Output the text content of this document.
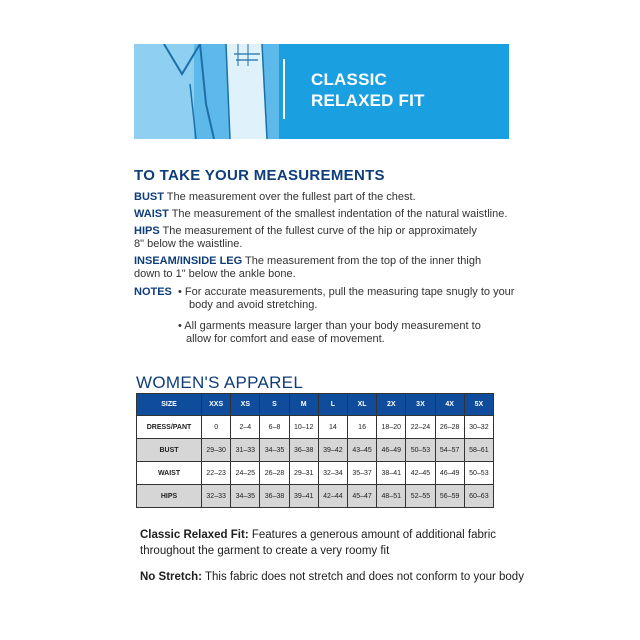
CLASSIC
RELAXED FIT
TO TAKE YOUR MEASUREMENTS
BUST The measurement over the fullest part of the chest.
WAIST The measurement of the smallest indentation of the natural waistline.
HIPS The measurement of the fullest curve of the hip or approximately
8" below the waistline.
INSEAM/INSIDE LEG The measurement from the top of the inner thigh
down to 1" below the ankle bone.
NOTES • For accurate measurements, pull the measuring tape snugly to your
body and avoid stretching.
• All garments measure larger than your body measurement to
allow for comfort and ease of movement.
WOMEN'S APPAREL
SIZE	XXS	XS	S	M	L	XL	2X	3X	4X	5X
DRESS/PANT	0	2–4	6–8	10–12	14	16	18–20	22–24	26–28	30–32
BUST	29–30	31–33	34–35	36–38	39–42	43–45	46–49	50–53	54–57	58–61
WAIST	22–23	24–25	26–28	29–31	32–34	35–37	38–41	42–45	46–49	50–53
HIPS	32–33	34–35	36–38	39–41	42–44	45–47	48–51	52–55	56–59	60–63
Classic Relaxed Fit: Features a generous amount of additional fabric
throughout the garment to create a very roomy fit
No Stretch: This fabric does not stretch and does not conform to your body
